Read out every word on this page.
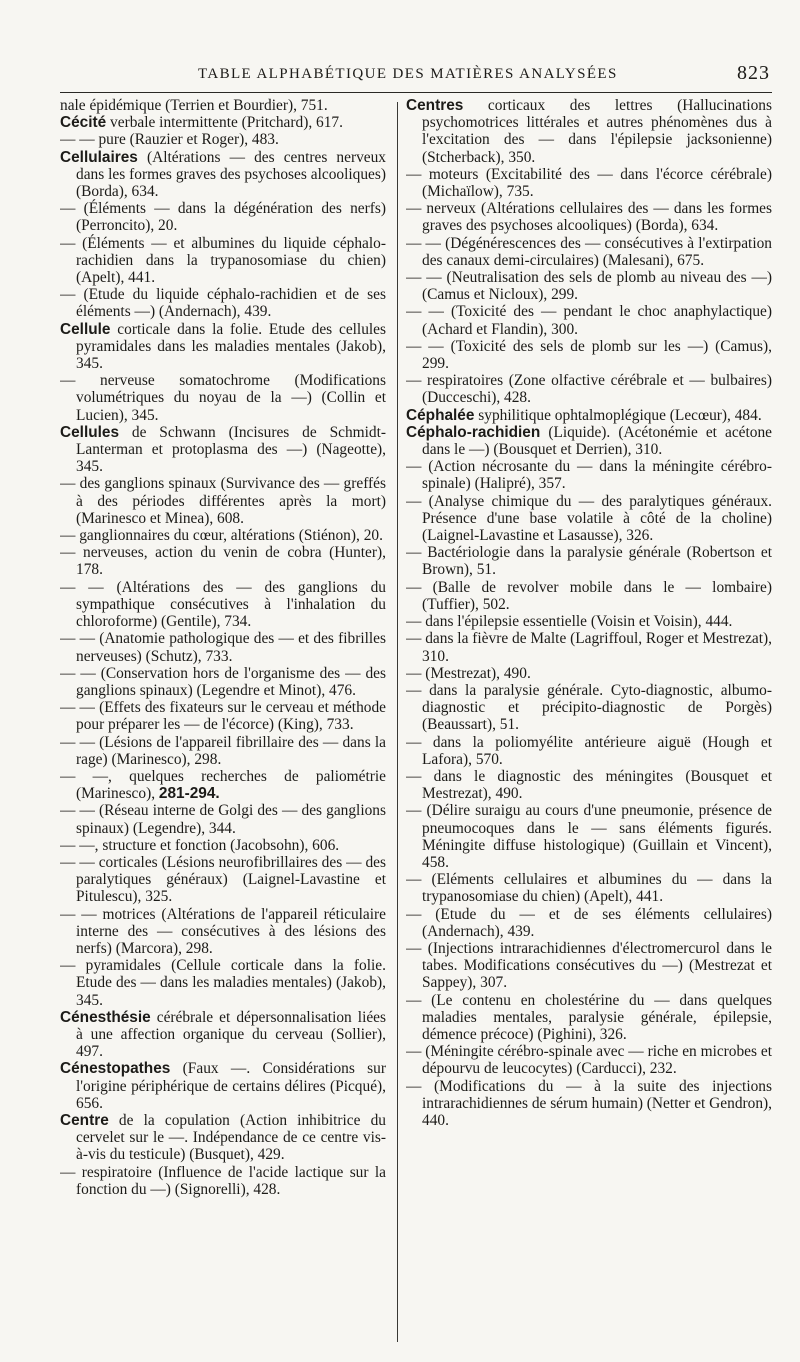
TABLE ALPHABÉTIQUE DES MATIÈRES ANALYSÉES	823
nale épidémique (Terrien et Bourdier), 751.
Cécité verbale intermittente (Pritchard), 617.
— — pure (Rauzier et Roger), 483.
Cellulaires (Altérations — des centres nerveux dans les formes graves des psychoses alcooliques) (Borda), 634.
— (Éléments — dans la dégénération des nerfs) (Perroncito), 20.
— (Éléments — et albumines du liquide céphalo-rachidien dans la trypanosomiase du chien) (Apelt), 441.
— (Etude du liquide céphalo-rachidien et de ses éléments —) (Andernach), 439.
Cellule corticale dans la folie. Etude des cellules pyramidales dans les maladies mentales (Jakob), 345.
— nerveuse somatochrome (Modifications volumétriques du noyau de la —) (Collin et Lucien), 345.
Cellules de Schwann (Incisures de Schmidt-Lanterman et protoplasma des —) (Nageotte), 345.
— des ganglions spinaux (Survivance des — greffés à des périodes différentes après la mort) (Marinesco et Minea), 608.
— ganglionnaires du cœur, altérations (Stiénon), 20.
— nerveuses, action du venin de cobra (Hunter), 178.
— — (Altérations des — des ganglions du sympathique consécutives à l'inhalation du chloroforme) (Gentile), 734.
— — (Anatomie pathologique des — et des fibrilles nerveuses) (Schutz), 733.
— — (Conservation hors de l'organisme des — des ganglions spinaux) (Legendre et Minot), 476.
— — (Effets des fixateurs sur le cerveau et méthode pour préparer les — de l'écorce) (King), 733.
— — (Lésions de l'appareil fibrillaire des — dans la rage) (Marinesco), 298.
— —, quelques recherches de paliométrie (Marinesco), 281-294.
— — (Réseau interne de Golgi des — des ganglions spinaux) (Legendre), 344.
— —, structure et fonction (Jacobsohn), 606.
— — corticales (Lésions neurofibrillaires des — des paralytiques généraux) (Laignel-Lavastine et Pitulescu), 325.
— — motrices (Altérations de l'appareil réticulaire interne des — consécutives à des lésions des nerfs) (Marcora), 298.
— pyramidales (Cellule corticale dans la folie. Etude des — dans les maladies mentales) (Jakob), 345.
Cénesthésie cérébrale et dépersonnalisation liées à une affection organique du cerveau (Sollier), 497.
Cénestopathes (Faux —. Considérations sur l'origine périphérique de certains délires (Picqué), 656.
Centre de la copulation (Action inhibitrice du cervelet sur le —. Indépendance de ce centre vis-à-vis du testicule) (Busquet), 429.
— respiratoire (Influence de l'acide lactique sur la fonction du —) (Signorelli), 428.
Centres corticaux des lettres (Hallucinations psychomotrices littérales et autres phénomènes dus à l'excitation des — dans l'épilepsie jacksonienne) (Stcherback), 350.
— moteurs (Excitabilité des — dans l'écorce cérébrale) (Michaïlow), 735.
— nerveux (Altérations cellulaires des — dans les formes graves des psychoses alcooliques) (Borda), 634.
— — (Dégénérescences des — consécutives à l'extirpation des canaux demi-circulaires) (Malesani), 675.
— — (Neutralisation des sels de plomb au niveau des —) (Camus et Nicloux), 299.
— — (Toxicité des — pendant le choc anaphylactique) (Achard et Flandin), 300.
— — (Toxicité des sels de plomb sur les —) (Camus), 299.
— respiratoires (Zone olfactive cérébrale et — bulbaires) (Ducceschi), 428.
Céphalée syphilitique ophtalmoplégique (Lecœur), 484.
Céphalo-rachidien (Liquide). (Acétonémie et acétone dans le —) (Bousquet et Derrien), 310.
— (Action nécrosante du — dans la méningite cérébro-spinale) (Halipré), 357.
— (Analyse chimique du — des paralytiques généraux. Présence d'une base volatile à côté de la choline) (Laignel-Lavastine et Lasausse), 326.
— Bactériologie dans la paralysie générale (Robertson et Brown), 51.
— (Balle de revolver mobile dans le — lombaire) (Tuffier), 502.
— dans l'épilepsie essentielle (Voisin et Voisin), 444.
— dans la fièvre de Malte (Lagriffoul, Roger et Mestrezat), 310.
— (Mestrezat), 490.
— dans la paralysie générale. Cyto-diagnostic, albumo-diagnostic et précipito-diagnostic de Porgès) (Beaussart), 51.
— dans la poliomyélite antérieure aiguë (Hough et Lafora), 570.
— dans le diagnostic des méningites (Bousquet et Mestrezat), 490.
— (Délire suraigu au cours d'une pneumonie, présence de pneumocoques dans le — sans éléments figurés. Méningite diffuse histologique) (Guillain et Vincent), 458.
— (Eléments cellulaires et albumines du — dans la trypanosomiase du chien) (Apelt), 441.
— (Etude du — et de ses éléments cellulaires) (Andernach), 439.
— (Injections intrarachidiennes d'électromercurol dans le tabes. Modifications consécutives du —) (Mestrezat et Sappey), 307.
— (Le contenu en cholestérine du — dans quelques maladies mentales, paralysie générale, épilepsie, démence précoce) (Pighini), 326.
— (Méningite cérébro-spinale avec — riche en microbes et dépourvu de leucocytes) (Carducci), 232.
— (Modifications du — à la suite des injections intrarachidiennes de sérum humain) (Netter et Gendron), 440.
